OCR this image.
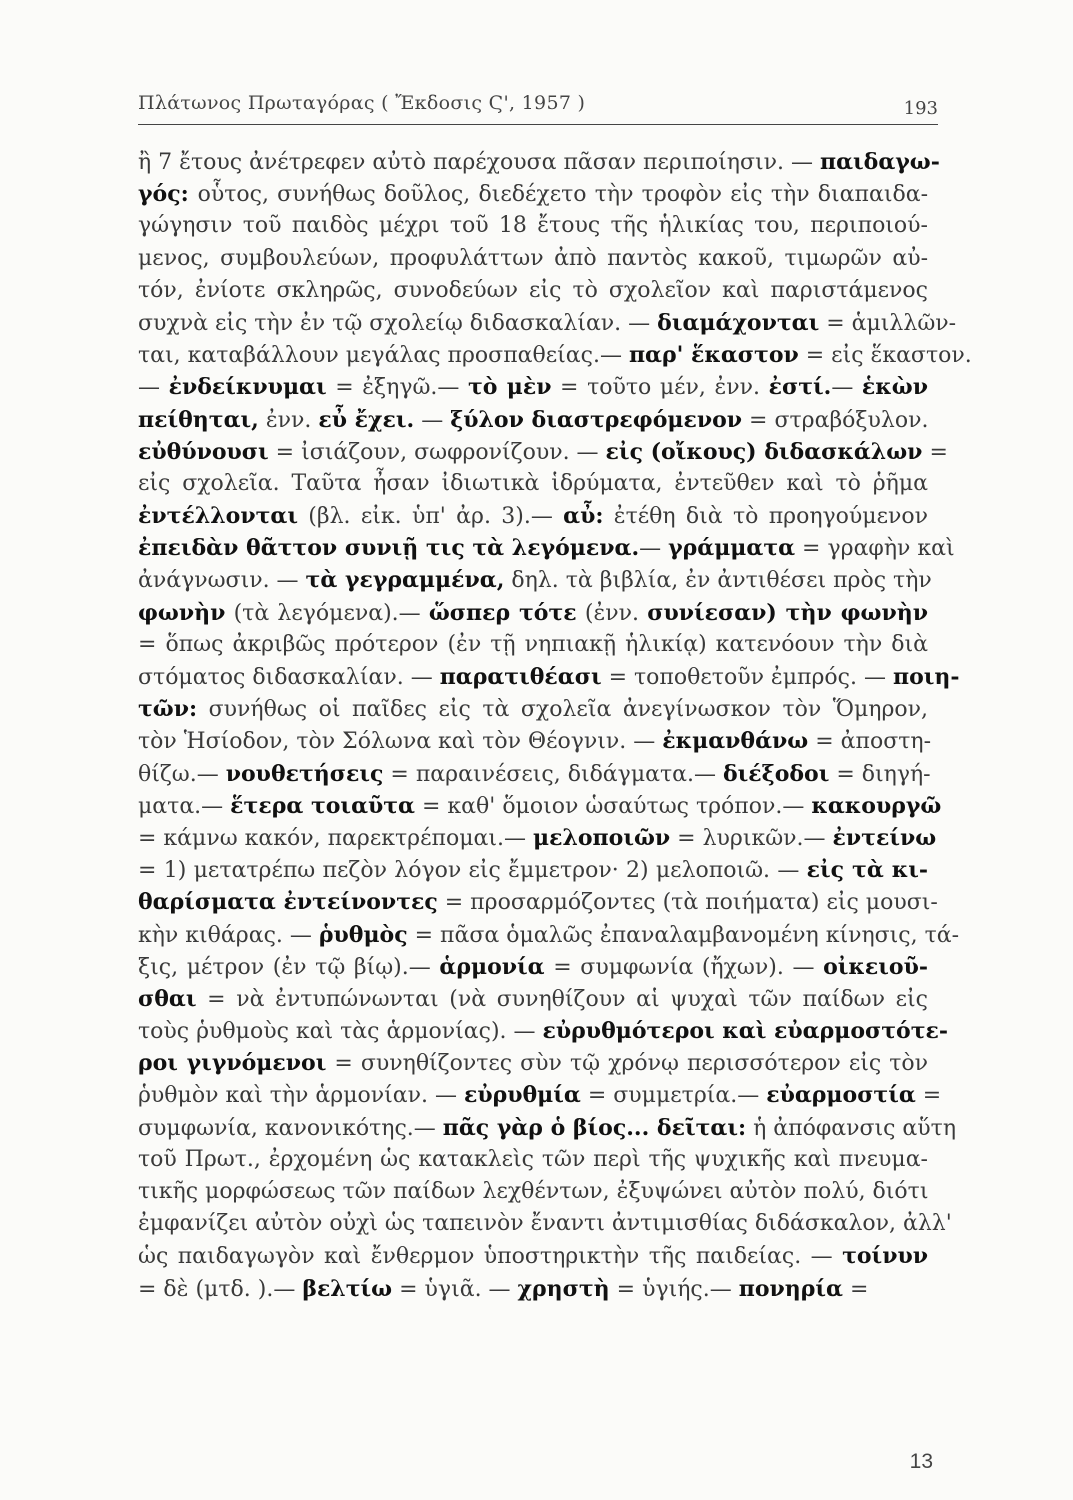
Πλάτωνος Πρωταγόρας ( Ἔκδοσις Ϛ', 1957 )	193
ἢ 7 ἔτους ἀνέτρεφεν αὐτὸ παρέχουσα πᾶσαν περιποίησιν. — παιδαγω-
γός: οὗτος, συνήθως δοῦλος, διεδέχετο τὴν τροφὸν εἰς τὴν διαπαιδα-
γώγησιν τοῦ παιδὸς μέχρι τοῦ 18 ἔτους τῆς ἡλικίας του, περιποιού-
μενος, συμβουλεύων, προφυλάττων ἀπὸ παντὸς κακοῦ, τιμωρῶν αὐ-
τόν, ἐνίοτε σκληρῶς, συνοδεύων εἰς τὸ σχολεῖον καὶ παριστάμενος
συχνὰ εἰς τὴν ἐν τῷ σχολείῳ διδασκαλίαν. — διαμάχονται = ἁμιλλῶν-
ται, καταβάλλουν μεγάλας προσπαθείας.— παρ' ἕκαστον = εἰς ἕκαστον.
— ἐνδείκνυμαι = ἐξηγῶ.— τὸ μὲν = τοῦτο μέν, ἐνν. ἐστί.— ἑκὼν
πείθηται, ἐνν. εὖ ἔχει. — ξύλον διαστρεφόμενον = στραβόξυλον.
εὐθύνουσι = ἰσιάζουν, σωφρονίζουν. — εἰς (οἴκους) διδασκάλων =
εἰς σχολεῖα. Ταῦτα ἦσαν ἰδιωτικὰ ἱδρύματα, ἐντεῦθεν καὶ τὸ ῥῆμα
ἐντέλλονται (βλ. εἰκ. ὑπ' ἀρ. 3).— αὖ: ἐτέθη διὰ τὸ προηγούμενον
ἐπειδὰν θᾶττον συνιῇ τις τὰ λεγόμενα.— γράμματα = γραφὴν καὶ
ἀνάγνωσιν. — τὰ γεγραμμένα, δηλ. τὰ βιβλία, ἐν ἀντιθέσει πρὸς τὴν
φωνὴν (τὰ λεγόμενα).— ὥσπερ τότε (ἐνν. συνίεσαν) τὴν φωνὴν
= ὅπως ἀκριβῶς πρότερον (ἐν τῇ νηπιακῇ ἡλικίᾳ) κατενόουν τὴν διὰ
στόματος διδασκαλίαν. — παρατιθέασι = τοποθετοῦν ἐμπρός. — ποιη-
τῶν: συνήθως οἱ παῖδες εἰς τὰ σχολεῖα ἀνεγίνωσκον τὸν Ὅμηρον,
τὸν Ἡσίοδον, τὸν Σόλωνα καὶ τὸν Θέογνιν. — ἐκμανθάνω = ἀποστη-
θίζω.— νουθετήσεις = παραινέσεις, διδάγματα.— διέξοδοι = διηγή-
ματα.— ἕτερα τοιαῦτα = καθ' ὅμοιον ὡσαύτως τρόπον.— κακουργῶ
= κάμνω κακόν, παρεκτρέπομαι.— μελοποιῶν = λυρικῶν.— ἐντείνω
= 1) μετατρέπω πεζὸν λόγον εἰς ἔμμετρον· 2) μελοποιῶ. — εἰς τὰ κι-
θαρίσματα ἐντείνοντες = προσαρμόζοντες (τὰ ποιήματα) εἰς μουσι-
κὴν κιθάρας. — ῥυθμὸς = πᾶσα ὁμαλῶς ἐπαναλαμβανομένη κίνησις, τά-
ξις, μέτρον (ἐν τῷ βίῳ).— ἁρμονία = συμφωνία (ἤχων). — οἰκειοῦ-
σθαι = νὰ ἐντυπώνωνται (νὰ συνηθίζουν αἱ ψυχαὶ τῶν παίδων εἰς
τοὺς ῥυθμοὺς καὶ τὰς ἁρμονίας). — εὐρυθμότεροι καὶ εὐαρμοστότε-
ροι γιγνόμενοι = συνηθίζοντες σὺν τῷ χρόνῳ περισσότερον εἰς τὸν
ῥυθμὸν καὶ τὴν ἁρμονίαν. — εὐρυθμία = συμμετρία.— εὐαρμοστία =
συμφωνία, κανονικότης.— πᾶς γὰρ ὁ βίος... δεῖται: ἡ ἀπόφανσις αὕτη
τοῦ Πρωτ., ἐρχομένη ὡς κατακλεὶς τῶν περὶ τῆς ψυχικῆς καὶ πνευμα-
τικῆς μορφώσεως τῶν παίδων λεχθέντων, ἐξυψώνει αὐτὸν πολύ, διότι
ἐμφανίζει αὐτὸν οὐχὶ ὡς ταπεινὸν ἔναντι ἀντιμισθίας διδάσκαλον, ἀλλ'
ὡς παιδαγωγὸν καὶ ἔνθερμον ὑποστηρικτὴν τῆς παιδείας. — τοίνυν
= δὲ (μτδ. ).— βελτίω = ὑγιᾶ. — χρηστὴ = ὑγιής.— πονηρία =
13
